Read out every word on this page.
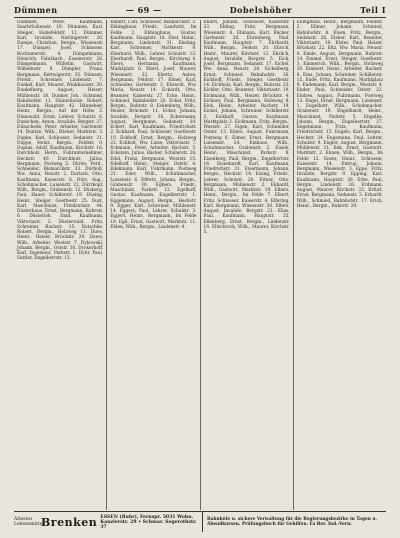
Dümmen	— 69 —	Dobelshöher	Teil I
Dümmen, Peter, Kaufmann, Saarbrückenstr. 19. Dümmen, Karl, Steiger, Hohefeldstr. 12. Dümmer, Karl, Invalide, Hattingerstr. 20. Dumpe, Christian, Bergm., Wiesenstr. 17. Dümpel, Josef, Schlosser, Bochumerstr. 4. Dümpelmann, Heinrich, Fabrikarb., Essenerstr. 28. Dümpelmann, Wilhelm, Gastwirt, Wilhelmstr. 9. Dümpler, Franz, Bergmann, Kettwigerstr. 35. Dümsen, Friedr., Schreiner, Lindenstr. 7. Dunkel, Karl, Maurer, Winkhausstr. 30. Dunkelberg, August, Heizer, Mühlenstr. 18. Dunker, Joh., Schmied, Bahnhofstr. 11. Dünnebacke, Robert, Kaufmann, Hauptstr. 42. Dünnebier, Heinr., Bergm., Auf der Höhe 3. Dünnwald, Ernst, Lehrer, Schulstr. 6. Dunschen, Anton, Invalide, Bergstr. 27. Dünschede, Peter, Arbeiter, Gartenstr. 14. Duntze, Wilh., Bäcker, Marktstr. 3. Dupke, Karl, Schlosser, Sedanstr. 21. Düppe, Heinr., Bergm., Feldstr. 9. Dupuis, Adolf, Kaufmann, Kirchstr. 16. Durchholz, Herm., Fuhrunternehmer, Heckstr. 40. Durchholz, Julius, Bergmann, Postweg 5. Düren, Ferd., Schneider, Bismarckstr. 33. Dürholt, Ww. Anna, Neustr. 2. Durlach, Otto, Kaufmann, Kaiserstr. 8. Dürr, Aug., Schuhmacher, Luisenstr. 22. Dürrkopf, Wilh., Bergm., Grabenstr. 12. Düsberg, Paul, Hauer, Schillerstr. 19. Düsing, Heinr., Steiger, Goethestr. 25. Dust, Karl, Maschinist, Friedrichstr. 44. Düsterhaus, Ernst, Bergmann, Ruhrstr. 6. Düsterloh, Emil, Kaufmann, Viktoriastr. 3. Düsterwald, Fritz, Schreiner, Bachstr. 15. Dutschke, Robert, Bergm., Holzweg 11. Duve, Heinr., Heizer, Brückstr. 29. Duwe, Wilh., Arbeiter, Weststr. 7. Dybowski, Johann, Bergm., Oststr. 36. Dyckerhoff, Karl, Ingenieur, Parkstr. 1. Dyhr, Paul, Sattler, Engelbertstr. 13.
Ebbert, Carl, Schlosser, Bismarckstr. 5. Ebbinghaus, Friedr., Landwirt, Im Felde 2. Ebbinghaus, Gustav, Kaufmann, Hauptstr. 18. Ebel, Heinr., Bergmann, Lindenstr. 31. Ebeling, Karl, Schreiner, Moltkestr. 9. Eberhard, Wilh., Lehrer, Schulstr. 12. Eberhardt, Paul, Bergm., Kirchweg 4. Ebers, Hermann, Kaufmann, Marktplatz 6. Ebert, Josef, Maurer, Wiesenstr. 22. Ebertz, Anton, Bergmann, Feldstr. 17. Ebner, Karl, Schneider, Gartenstr. 3. Ebrecht, Ww. Maria, Neustr. 14. Eckardt, Otto, Beamter, Kaiserstr. 27. Ecke, Heinr., Schmied, Bahnhofstr. 20. Eckel, Fritz, Bergm., Ruhrstr. 8. Eckenberg, Wilh., Heizer, Brückstr. 11. Ecker, Johann, Invalide, Bergstr. 16. Eckermann, August, Bergmann, Sedanstr. 39. Eckert, Karl, Kaufmann, Friedrichstr. 2. Eckhard, Paul, Schlosser, Goethestr. 10. Eckhoff, Ernst, Bergm., Holzweg 23. Eckholt, Ww. Luise, Viktoriastr. 7. Eckmann, Peter, Arbeiter, Bachstr. 5. Eckstein, Julius, Bäcker, Schillerstr. 28. Edel, Franz, Bergmann, Weststr. 15. Edelhoff, Heinr., Steiger, Oststr. 4. Edelmann, Karl, Fuhrmann, Postweg 21. Eder, Wilh., Schuhmacher, Luisenstr. 6. Effertz, Johann, Bergm., Grabenstr. 30. Egbers, Friedr., Maschinist, Parkstr. 12. Egelhoff, Gustav, Kaufmann, Engelbertstr. 1. Eggemann, August, Bergm., Heckstr. 9. Egger, Karl, Schreiner, Mühlenstr. 14. Eggers, Paul, Lehrer, Schulstr. 3. Eggert, Heinr., Bergmann, Im Felde 19. Egli, Ernst, Gastwirt, Marktstr. 11. Ehlen, Wilh., Bergm., Lindenstr. 4.
Ehlert, Johann, Schlosser, Kaiserstr. 33. Ehling, Fritz, Bergmann, Wiesenstr. 8. Ehmann, Karl, Bäcker, Gartenstr. 26. Ehrenberg, Paul, Kaufmann, Hauptstr. 7. Ehrhardt, Wilh., Bergm., Feldstr. 20. Ehrich, Heinr., Maurer, Kirchstr. 12. Ehrlich, August, Invalide, Bergstr. 5. Eich, Josef, Bergmann, Sedanstr. 17. Eichel, Ww. Anna, Neustr. 28. Eichelberg, Ernst, Schmied, Bahnhofstr. 36. Eichhoff, Friedr., Steiger, Goethestr. 14. Eichholz, Karl, Bergm., Ruhrstr. 23. Eichler, Otto, Beamter, Viktoriastr. 10. Eichmann, Wilh., Heizer, Brückstr. 4. Eichner, Paul, Bergmann, Holzweg 8. Eick, Heinr., Arbeiter, Bachstr. 19. Eickel, Johann, Schreiner, Schillerstr. 2. Eickhoff, Gustav, Kaufmann, Marktplatz 3. Eickmann, Fritz, Bergm., Weststr. 27. Eigen, Karl, Schneider, Oststr. 13. Eilers, August, Fuhrmann, Postweg 6. Eimer, Ernst, Bergmann, Luisenstr. 24. Einhaus, Wilh., Schuhmacher, Grabenstr. 2. Eisele, Heinr., Maschinist, Parkstr. 8. Eisenberg, Paul, Bergm., Engelbertstr. 16. Eisenhardt, Karl, Kaufmann, Friedrichstr. 31. Eisermann, Johann, Bergm., Heckstr. 14. Eising, Friedr., Lehrer, Schulstr. 20. Eitner, Otto, Bergmann, Mühlenstr. 2. Ekhardt, Wilh., Gastwirt, Marktstr. 19. Elbers, Heinr., Bergm., Im Felde 7. Elbert, Fritz, Schlosser, Kaiserstr. 4. Elfering, Karl, Bergmann, Wiesenstr. 30. Elfers, August, Invalide, Bergstr. 21. Elias, Paul, Kaufmann, Hauptstr. 25. Ellenberg, Ernst, Bergm., Lindenstr. 18. Ellerbrock, Wilh., Maurer, Kirchstr. 5.
Ellinghaus, Heinr., Bergmann, Feldstr. 2. Ellmer, Johann, Schmied, Bahnhofstr. 8. Elsen, Fritz, Bergm., Sedanstr. 26. Elsner, Karl, Beamter, Viktoriastr. 19. Elster, Paul, Heizer, Brückstr. 22. Eltz, Ww. Maria, Neustr. 9. Emde, August, Bergmann, Ruhrstr. 14. Emmel, Ernst, Steiger, Goethestr. 3. Emmerich, Wilh., Bergm., Holzweg 30. Emmert, Heinr., Arbeiter, Bachstr. 8. Ems, Johann, Schreiner, Schillerstr. 15. Ende, Fritz, Kaufmann, Marktplatz 9. Endemann, Karl, Bergm., Weststr. 4. Ender, Paul, Schneider, Oststr. 22. Endres, August, Fuhrmann, Postweg 13. Engel, Ernst, Bergmann, Luisenstr. 1. Engelbert, Wilh., Schuhmacher, Grabenstr. 19. Engelhardt, Heinr., Maschinist, Parkstr. 5. Engelke, Johann, Bergm., Engelbertstr. 27. Engelmann, Fritz, Kaufmann, Friedrichstr. 15. Engels, Karl, Bergm., Heckstr. 24. Engemann, Paul, Lehrer, Schulstr. 9. Engler, August, Bergmann, Mühlenstr. 21. Enk, Ernst, Gastwirt, Marktstr. 2. Ennen, Wilh., Bergm., Im Felde 12. Enste, Heinr., Schlosser, Kaiserstr. 14. Entrup, Johann, Bergmann, Wiesenstr. 3. Eppe, Fritz, Invalide, Bergstr. 9. Epping, Karl, Kaufmann, Hauptstr. 30. Erbe, Paul, Bergm., Lindenstr. 26. Erdmann, August, Maurer, Kirchstr. 23. Erfurt, Ernst, Bergmann, Sedanstr. 3. Erhardt, Wilh., Schmied, Bahnhofstr. 17. Erich, Heinr., Bergm., Ruhrstr. 29.
Altestes Lebensmittel-
Brenken ESSEN (Ruhr), Fernspr. 5031 Wohn. Kanzlerstr. 29 • Schmar. Segerothstr. 37
Bahnhöfe u. sichere Verwaltung für die Regierungsbezirke in Tagen u. Abendkursen. Prüfungsbuch für Gehilfen. Es Ber. Ind.-Verw.
